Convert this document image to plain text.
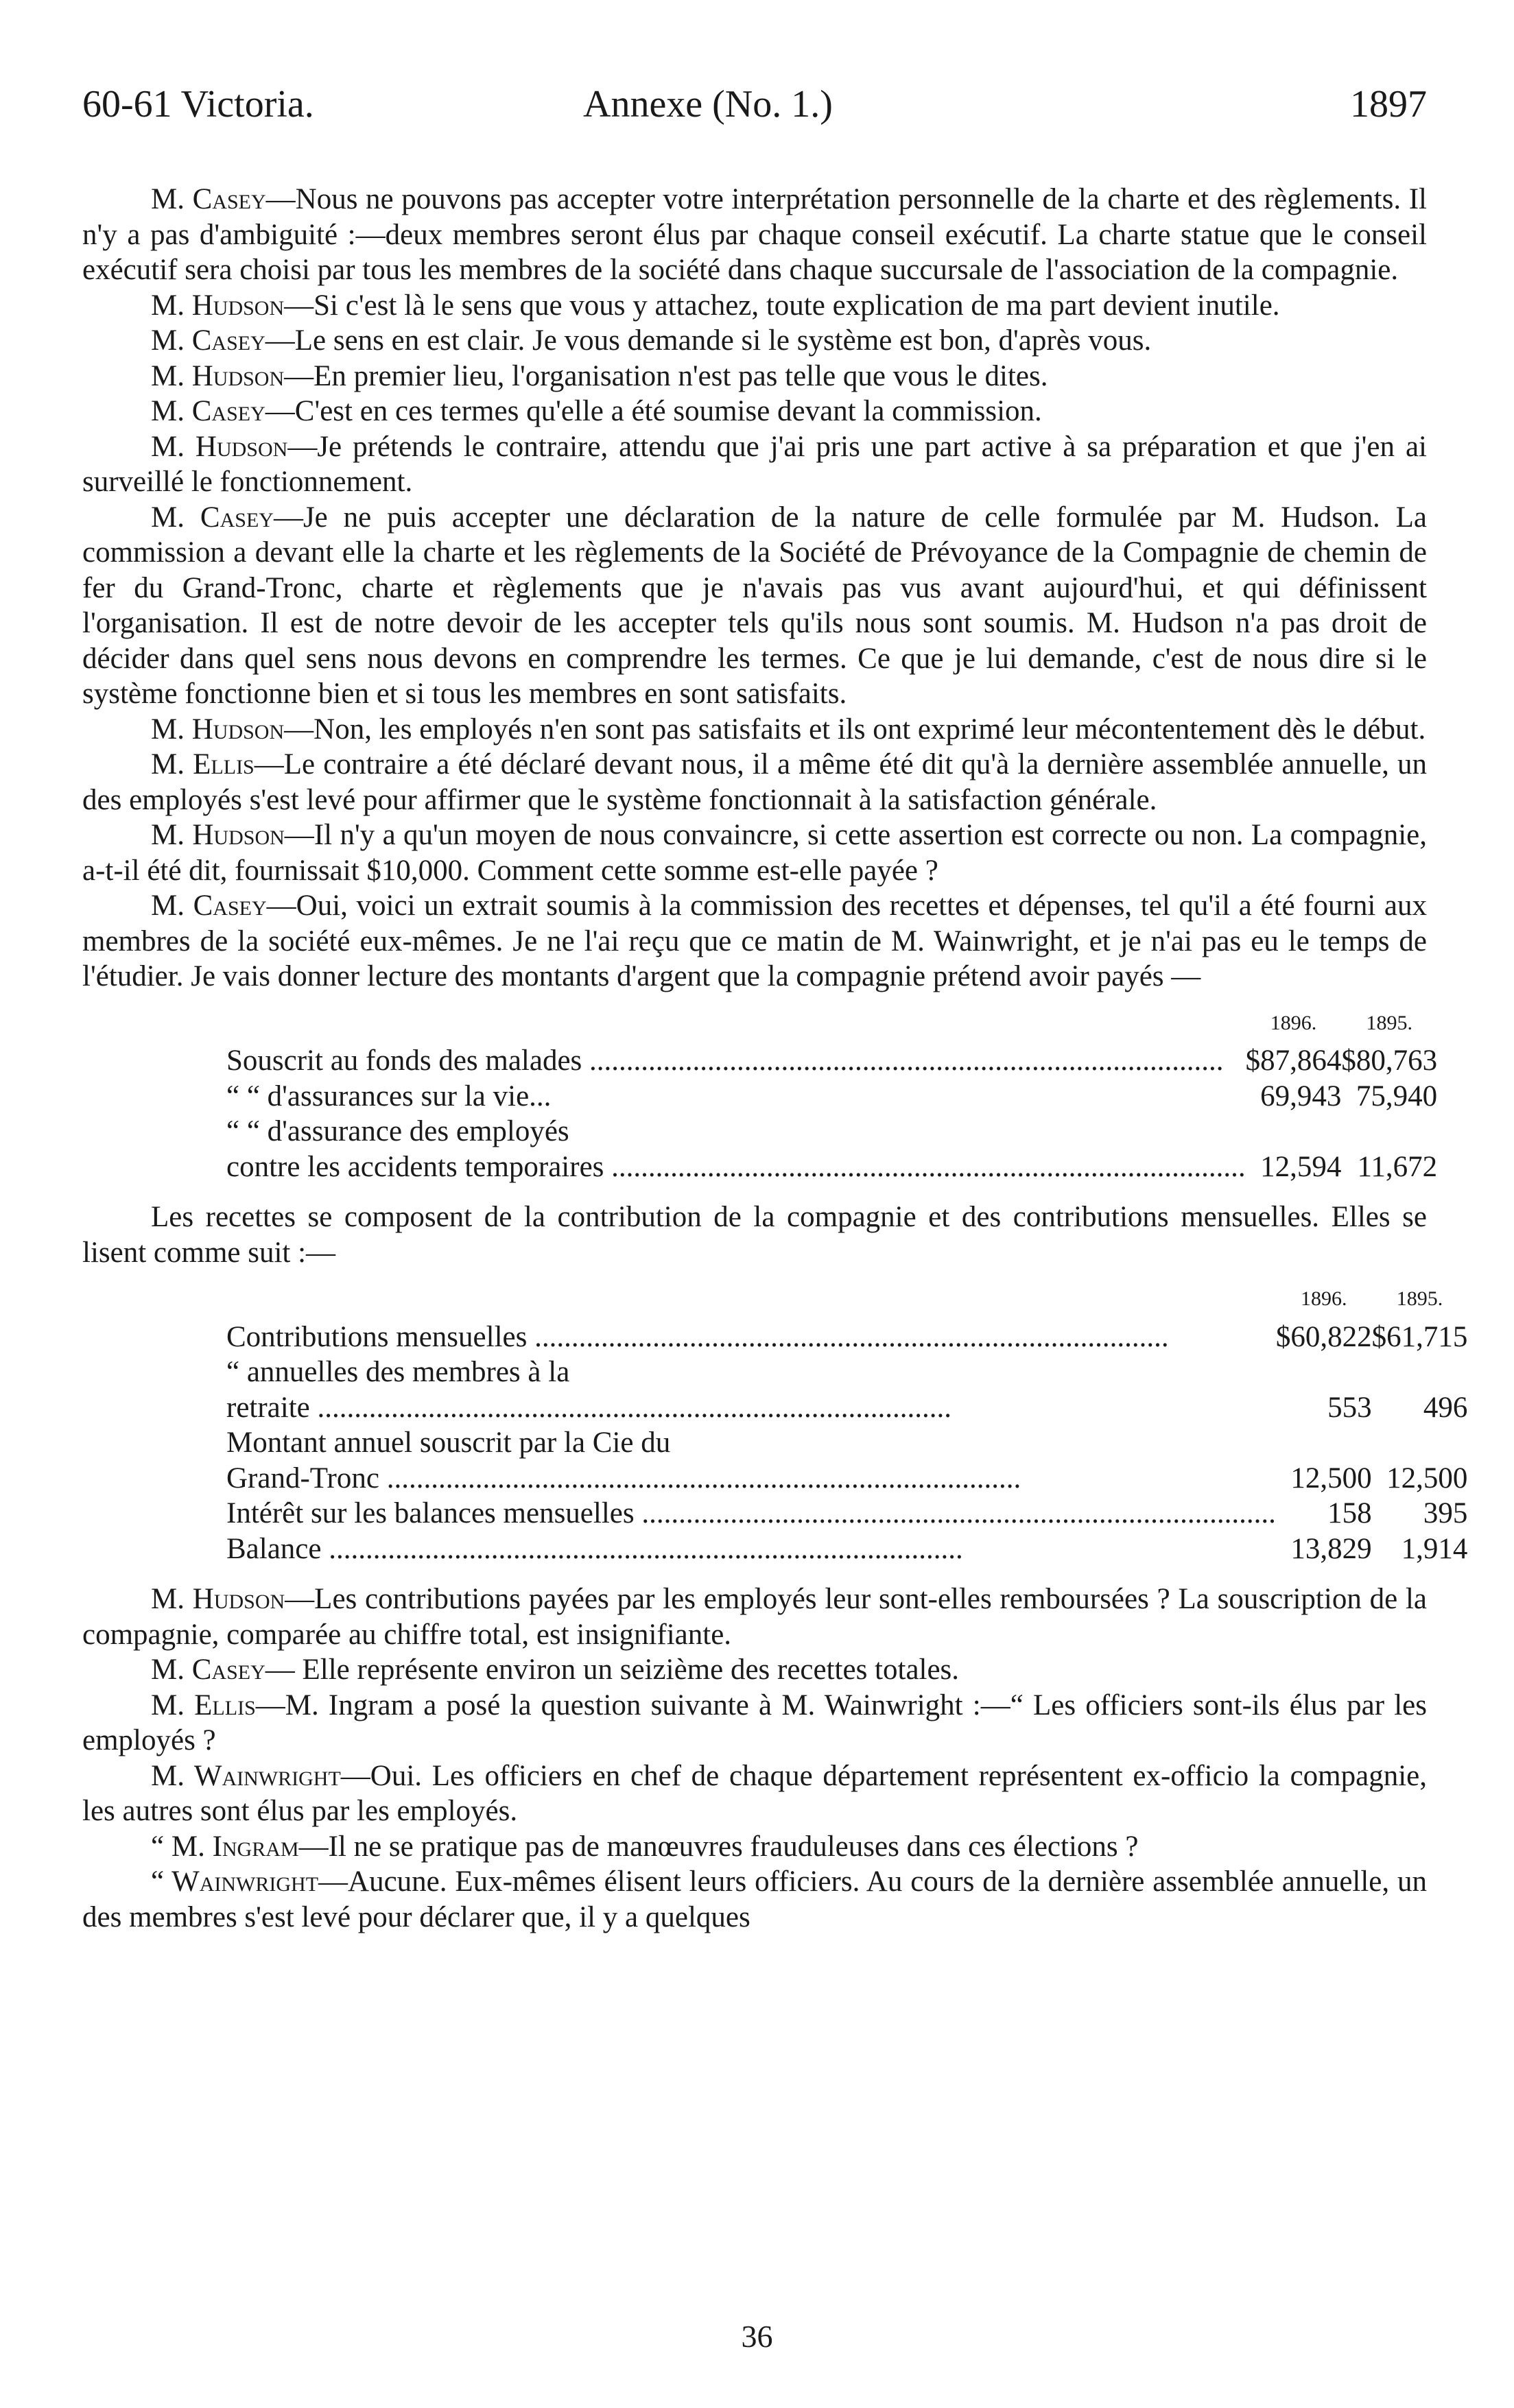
60-61 Victoria.	Annexe (No. 1.)	1897

M. Casey—Nous ne pouvons pas accepter votre interprétation personnelle de la charte et des règlements. Il n'y a pas d'ambiguité :—deux membres seront élus par chaque conseil exécutif. La charte statue que le conseil exécutif sera choisi par tous les membres de la société dans chaque succursale de l'association de la compagnie.

M. Hudson—Si c'est là le sens que vous y attachez, toute explication de ma part devient inutile.

M. Casey—Le sens en est clair. Je vous demande si le système est bon, d'après vous.

M. Hudson—En premier lieu, l'organisation n'est pas telle que vous le dites.

M. Casey—C'est en ces termes qu'elle a été soumise devant la commission.

M. Hudson—Je prétends le contraire, attendu que j'ai pris une part active à sa préparation et que j'en ai surveillé le fonctionnement.

M. Casey—Je ne puis accepter une déclaration de la nature de celle formulée par M. Hudson. La commission a devant elle la charte et les règlements de la Société de Prévoyance de la Compagnie de chemin de fer du Grand-Tronc, charte et règlements que je n'avais pas vus avant aujourd'hui, et qui définissent l'organisation. Il est de notre devoir de les accepter tels qu'ils nous sont soumis. M. Hudson n'a pas droit de décider dans quel sens nous devons en comprendre les termes. Ce que je lui demande, c'est de nous dire si le système fonctionne bien et si tous les membres en sont satisfaits.

M. Hudson—Non, les employés n'en sont pas satisfaits et ils ont exprimé leur mécontentement dès le début.

M. Ellis—Le contraire a été déclaré devant nous, il a même été dit qu'à la dernière assemblée annuelle, un des employés s'est levé pour affirmer que le système fonctionnait à la satisfaction générale.

M. Hudson—Il n'y a qu'un moyen de nous convaincre, si cette assertion est correcte ou non. La compagnie, a-t-il été dit, fournissait $10,000. Comment cette somme est-elle payée ?

M. Casey—Oui, voici un extrait soumis à la commission des recettes et dépenses, tel qu'il a été fourni aux membres de la société eux-mêmes. Je ne l'ai reçu que ce matin de M. Wainwright, et je n'ai pas eu le temps de l'étudier. Je vais donner lecture des montants d'argent que la compagnie prétend avoir payés —

	1896.	1895.

Souscrit au fonds des malades .....	$87,864	$80,763

“ “ d'assurances sur la vie...	69,943	75,940

“ “ d'assurance des employés		

contre les accidents temporaires .....	12,594	11,672

Les recettes se composent de la contribution de la compagnie et des contributions mensuelles. Elles se lisent comme suit :—

	1896.	1895.

Contributions mensuelles .....	$60,822	$61,715

“ annuelles des membres à la		

retraite .....	553	496

Montant annuel souscrit par la Cie du		

Grand-Tronc .....	12,500	12,500

Intérêt sur les balances mensuelles .....	158	395

Balance .....	13,829	1,914

M. Hudson—Les contributions payées par les employés leur sont-elles remboursées ? La souscription de la compagnie, comparée au chiffre total, est insignifiante.

M. Casey— Elle représente environ un seizième des recettes totales.

M. Ellis—M. Ingram a posé la question suivante à M. Wainwright :—“ Les officiers sont-ils élus par les employés ?

M. Wainwright—Oui. Les officiers en chef de chaque département représentent ex-officio la compagnie, les autres sont élus par les employés.

“ M. Ingram—Il ne se pratique pas de manœuvres frauduleuses dans ces élections ?

“ Wainwright—Aucune. Eux-mêmes élisent leurs officiers. Au cours de la dernière assemblée annuelle, un des membres s'est levé pour déclarer que, il y a quelques

36
